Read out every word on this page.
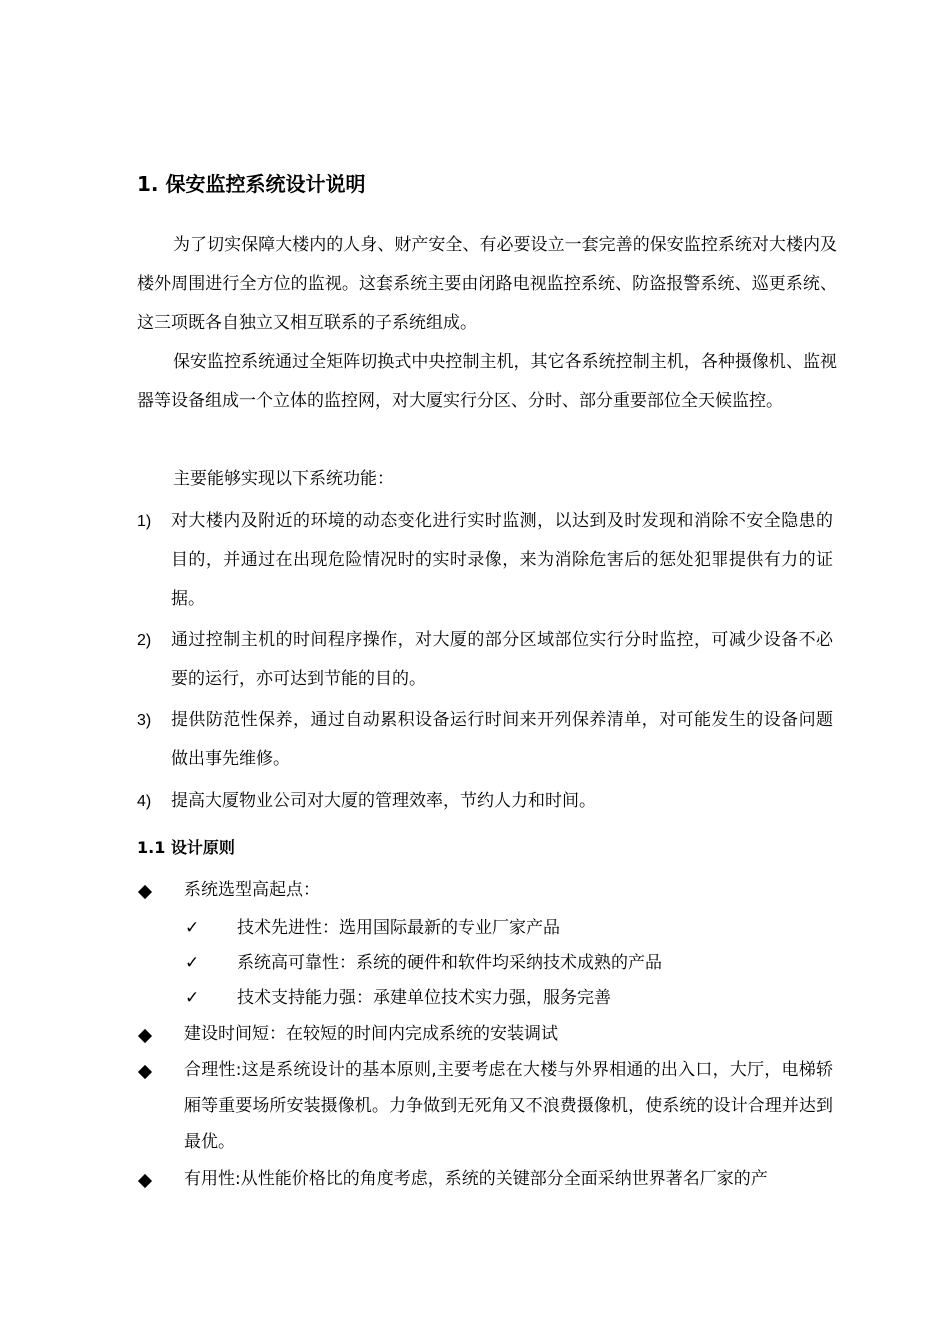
1. 保安监控系统设计说明

为了切实保障大楼内的人身、财产安全、有必要设立一套完善的保安监控系统对大楼内及楼外周围进行全方位的监视。这套系统主要由闭路电视监控系统、防盗报警系统、巡更系统、这三项既各自独立又相互联系的子系统组成。

保安监控系统通过全矩阵切换式中央控制主机，其它各系统控制主机，各种摄像机、监视器等设备组成一个立体的监控网，对大厦实行分区、分时、部分重要部位全天候监控。

主要能够实现以下系统功能：

1)	对大楼内及附近的环境的动态变化进行实时监测，以达到及时发现和消除不安全隐患的目的，并通过在出现危险情况时的实时录像，来为消除危害后的惩处犯罪提供有力的证据。
2)	通过控制主机的时间程序操作，对大厦的部分区域部位实行分时监控，可减少设备不必要的运行，亦可达到节能的目的。
3)	提供防范性保养，通过自动累积设备运行时间来开列保养清单，对可能发生的设备问题做出事先维修。
4)	提高大厦物业公司对大厦的管理效率，节约人力和时间。
1.1 设计原则
系统选型高起点：
✓ 技术先进性：选用国际最新的专业厂家产品
✓ 系统高可靠性：系统的硬件和软件均采纳技术成熟的产品
✓ 技术支持能力强：承建单位技术实力强，服务完善
建设时间短：在较短的时间内完成系统的安装调试
合理性:这是系统设计的基本原则,主要考虑在大楼与外界相通的出入口，大厅，电梯轿厢等重要场所安装摄像机。力争做到无死角又不浪费摄像机，使系统的设计合理并达到最优。
有用性:从性能价格比的角度考虑，系统的关键部分全面采纳世界著名厂家的产
